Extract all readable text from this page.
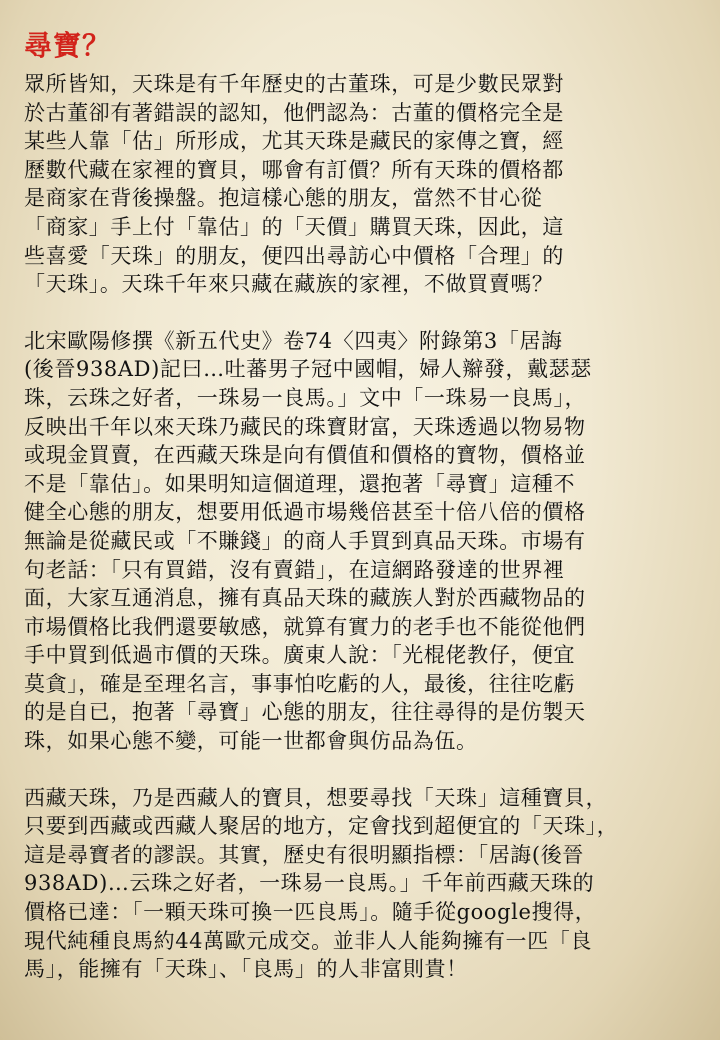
尋寶？
眾所皆知，天珠是有千年歷史的古董珠，可是少數民眾對
於古董卻有著錯誤的認知，他們認為：古董的價格完全是
某些人靠「估」所形成，尤其天珠是藏民的家傳之寶，經
歷數代藏在家裡的寶貝，哪會有訂價？所有天珠的價格都
是商家在背後操盤。抱這樣心態的朋友，當然不甘心從
「商家」手上付「靠估」的「天價」購買天珠，因此，這
些喜愛「天珠」的朋友，便四出尋訪心中價格「合理」的
「天珠」。天珠千年來只藏在藏族的家裡，不做買賣嗎？
北宋歐陽修撰《新五代史》卷74〈四夷〉附錄第3「居誨
(後晉938AD)記曰…吐蕃男子冠中國帽，婦人辮發，戴瑟瑟
珠，云珠之好者，一珠易一良馬。」文中「一珠易一良馬」，
反映出千年以來天珠乃藏民的珠寶財富，天珠透過以物易物
或現金買賣，在西藏天珠是向有價值和價格的寶物，價格並
不是「靠估」。如果明知這個道理，還抱著「尋寶」這種不
健全心態的朋友，想要用低過市場幾倍甚至十倍八倍的價格
無論是從藏民或「不賺錢」的商人手買到真品天珠。市場有
句老話：「只有買錯，沒有賣錯」，在這網路發達的世界裡
面，大家互通消息，擁有真品天珠的藏族人對於西藏物品的
市場價格比我們還要敏感，就算有實力的老手也不能從他們
手中買到低過市價的天珠。廣東人說：「光棍佬教仔，便宜
莫貪」，確是至理名言，事事怕吃虧的人，最後，往往吃虧
的是自已，抱著「尋寶」心態的朋友，往往尋得的是仿製天
珠，如果心態不變，可能一世都會與仿品為伍。
西藏天珠，乃是西藏人的寶貝，想要尋找「天珠」這種寶貝，
只要到西藏或西藏人聚居的地方，定會找到超便宜的「天珠」，
這是尋寶者的謬誤。其實，歷史有很明顯指標：「居誨(後晉
938AD)…云珠之好者，一珠易一良馬。」千年前西藏天珠的
價格已達：「一顆天珠可換一匹良馬」。隨手從google搜得，
現代純種良馬約44萬歐元成交。並非人人能夠擁有一匹「良
馬」，能擁有「天珠」、「良馬」的人非富則貴！
